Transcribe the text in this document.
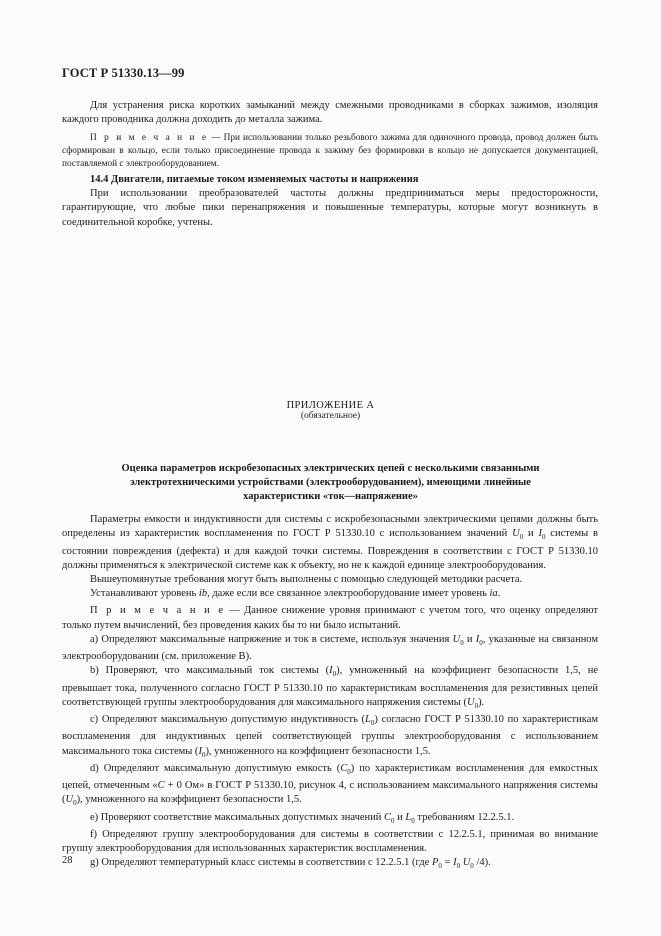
ГОСТ Р 51330.13—99

Для устранения риска коротких замыканий между смежными проводниками в сборках зажимов, изоляция каждого проводника должна доходить до металла зажима.

П р и м е ч а н и е — При использовании только резьбового зажима для одиночного провода, провод должен быть сформирован в кольцо, если только присоединение провода к зажиму без формировки в кольцо не допускается документацией, поставляемой с электрооборудованием.

14.4 Двигатели, питаемые током изменяемых частоты и напряжения

При использовании преобразователей частоты должны предприниматься меры предосторожности, гарантирующие, что любые пики перенапряжения и повышенные температуры, которые могут возникнуть в соединительной коробке, учтены.

ПРИЛОЖЕНИЕ А
(обязательное)
Оценка параметров искробезопасных электрических цепей с несколькими связанными электротехническими устройствами (электрооборудованием), имеющими линейные характеристики «ток—напряжение»

Параметры емкости и индуктивности для системы с искробезопасными электрическими цепями должны быть определены из характеристик воспламенения по ГОСТ Р 51330.10 с использованием значений $U_0$ и $I_0$ системы в состоянии повреждения (дефекта) и для каждой точки системы. Повреждения в соответствии с ГОСТ Р 51330.10 должны применяться к электрической системе как к объекту, но не к каждой единице электрооборудования.

Вышеупомянутые требования могут быть выполнены с помощью следующей методики расчета.

Устанавливают уровень ib, даже если все связанное электрооборудование имеет уровень ia.

П р и м е ч а н и е — Данное снижение уровня принимают с учетом того, что оценку определяют только путем вычислений, без проведения каких бы то ни было испытаний.

a) Определяют максимальные напряжение и ток в системе, используя значения $U_0$ и $I_0$, указанные на связанном электрооборудовании (см. приложение В).

b) Проверяют, что максимальный ток системы $(I_0)$, умноженный на коэффициент безопасности 1,5, не превышает тока, полученного согласно ГОСТ Р 51330.10 по характеристикам воспламенения для резистивных цепей соответствующей группы электрооборудования для максимального напряжения системы $(U_0)$.

c) Определяют максимальную допустимую индуктивность $(L_0)$ согласно ГОСТ Р 51330.10 по характеристикам воспламенения для индуктивных цепей соответствующей группы электрооборудования с использованием максимального тока системы $(I_0)$, умноженного на коэффициент безопасности 1,5.

d) Определяют максимальную допустимую емкость $(C_0)$ по характеристикам воспламенения для емкостных цепей, отмеченным «C + 0 Ом» в ГОСТ Р 51330.10, рисунок 4, с использованием максимального напряжения системы $(U_0)$, умноженного на коэффициент безопасности 1,5.

e) Проверяют соответствие максимальных допустимых значений $C_0$ и $L_0$ требованиям 12.2.5.1.

f) Определяют группу электрооборудования для системы в соответствии с 12.2.5.1, принимая во внимание группу электрооборудования для использованных характеристик воспламенения.

g) Определяют температурный класс системы в соответствии с 12.2.5.1 (где $P_0 = I_0$ $U_0$ /4).

28
